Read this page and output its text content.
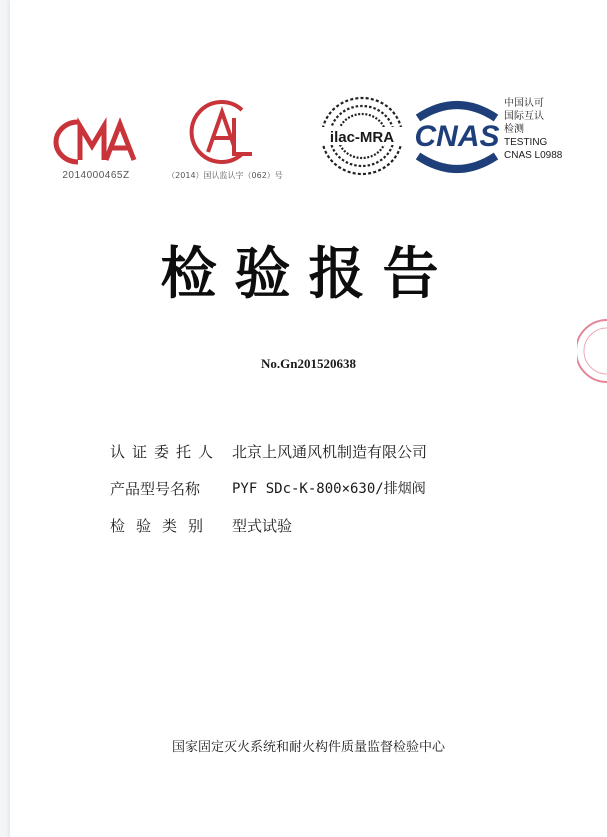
2014000465Z	（2014）国认监认字（062）号
ilac-MRA CNAS
中国认可
国际互认
检测
TESTING
CNAS L0988
检验报告
No.Gn201520638
认证委托人 北京上风通风机制造有限公司
产品型号名称	PYF SDc-K-800×630/排烟阀
检验类别	型式试验
国家固定灭火系统和耐火构件质量监督检验中心
